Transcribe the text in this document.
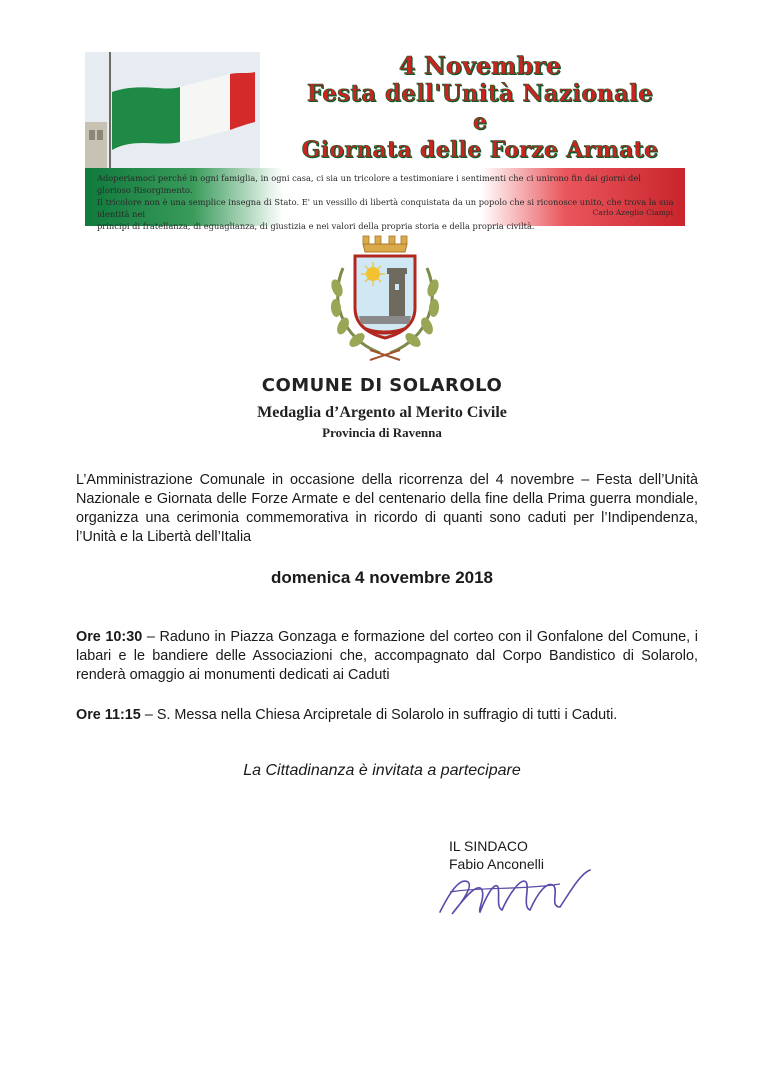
4 Novembre
Festa dell'Unità Nazionale
e
Giornata delle Forze Armate
Adoperiamoci perché in ogni famiglia, in ogni casa, ci sia un tricolore a testimoniare i sentimenti che ci unirono fin dai giorni del glorioso Risorgimento.
Il tricolore non è una semplice insegna di Stato. E' un vessillo di libertà conquistata da un popolo che si riconosce unito, che trova la sua identità nei
principi di fratellanza, di eguaglianza, di giustizia e nei valori della propria storia e della propria civiltà.
Carlo Azeglio Ciampi
COMUNE DI SOLAROLO
Medaglia d’Argento al Merito Civile
Provincia di Ravenna
L’Amministrazione Comunale in occasione della ricorrenza del 4 novembre – Festa dell’Unità Nazionale e Giornata delle Forze Armate e del centenario della fine della Prima guerra mondiale, organizza una cerimonia commemorativa in ricordo di quanti sono caduti per l’Indipendenza, l’Unità e la Libertà dell’Italia
domenica 4 novembre 2018
Ore 10:30 – Raduno in Piazza Gonzaga e formazione del corteo con il Gonfalone del Comune, i labari e le bandiere delle Associazioni che, accompagnato dal Corpo Bandistico di Solarolo, renderà omaggio ai monumenti dedicati ai Caduti
Ore 11:15 – S. Messa nella Chiesa Arcipretale di Solarolo in suffragio di tutti i Caduti.
La Cittadinanza è invitata a partecipare
IL SINDACO
Fabio Anconelli
